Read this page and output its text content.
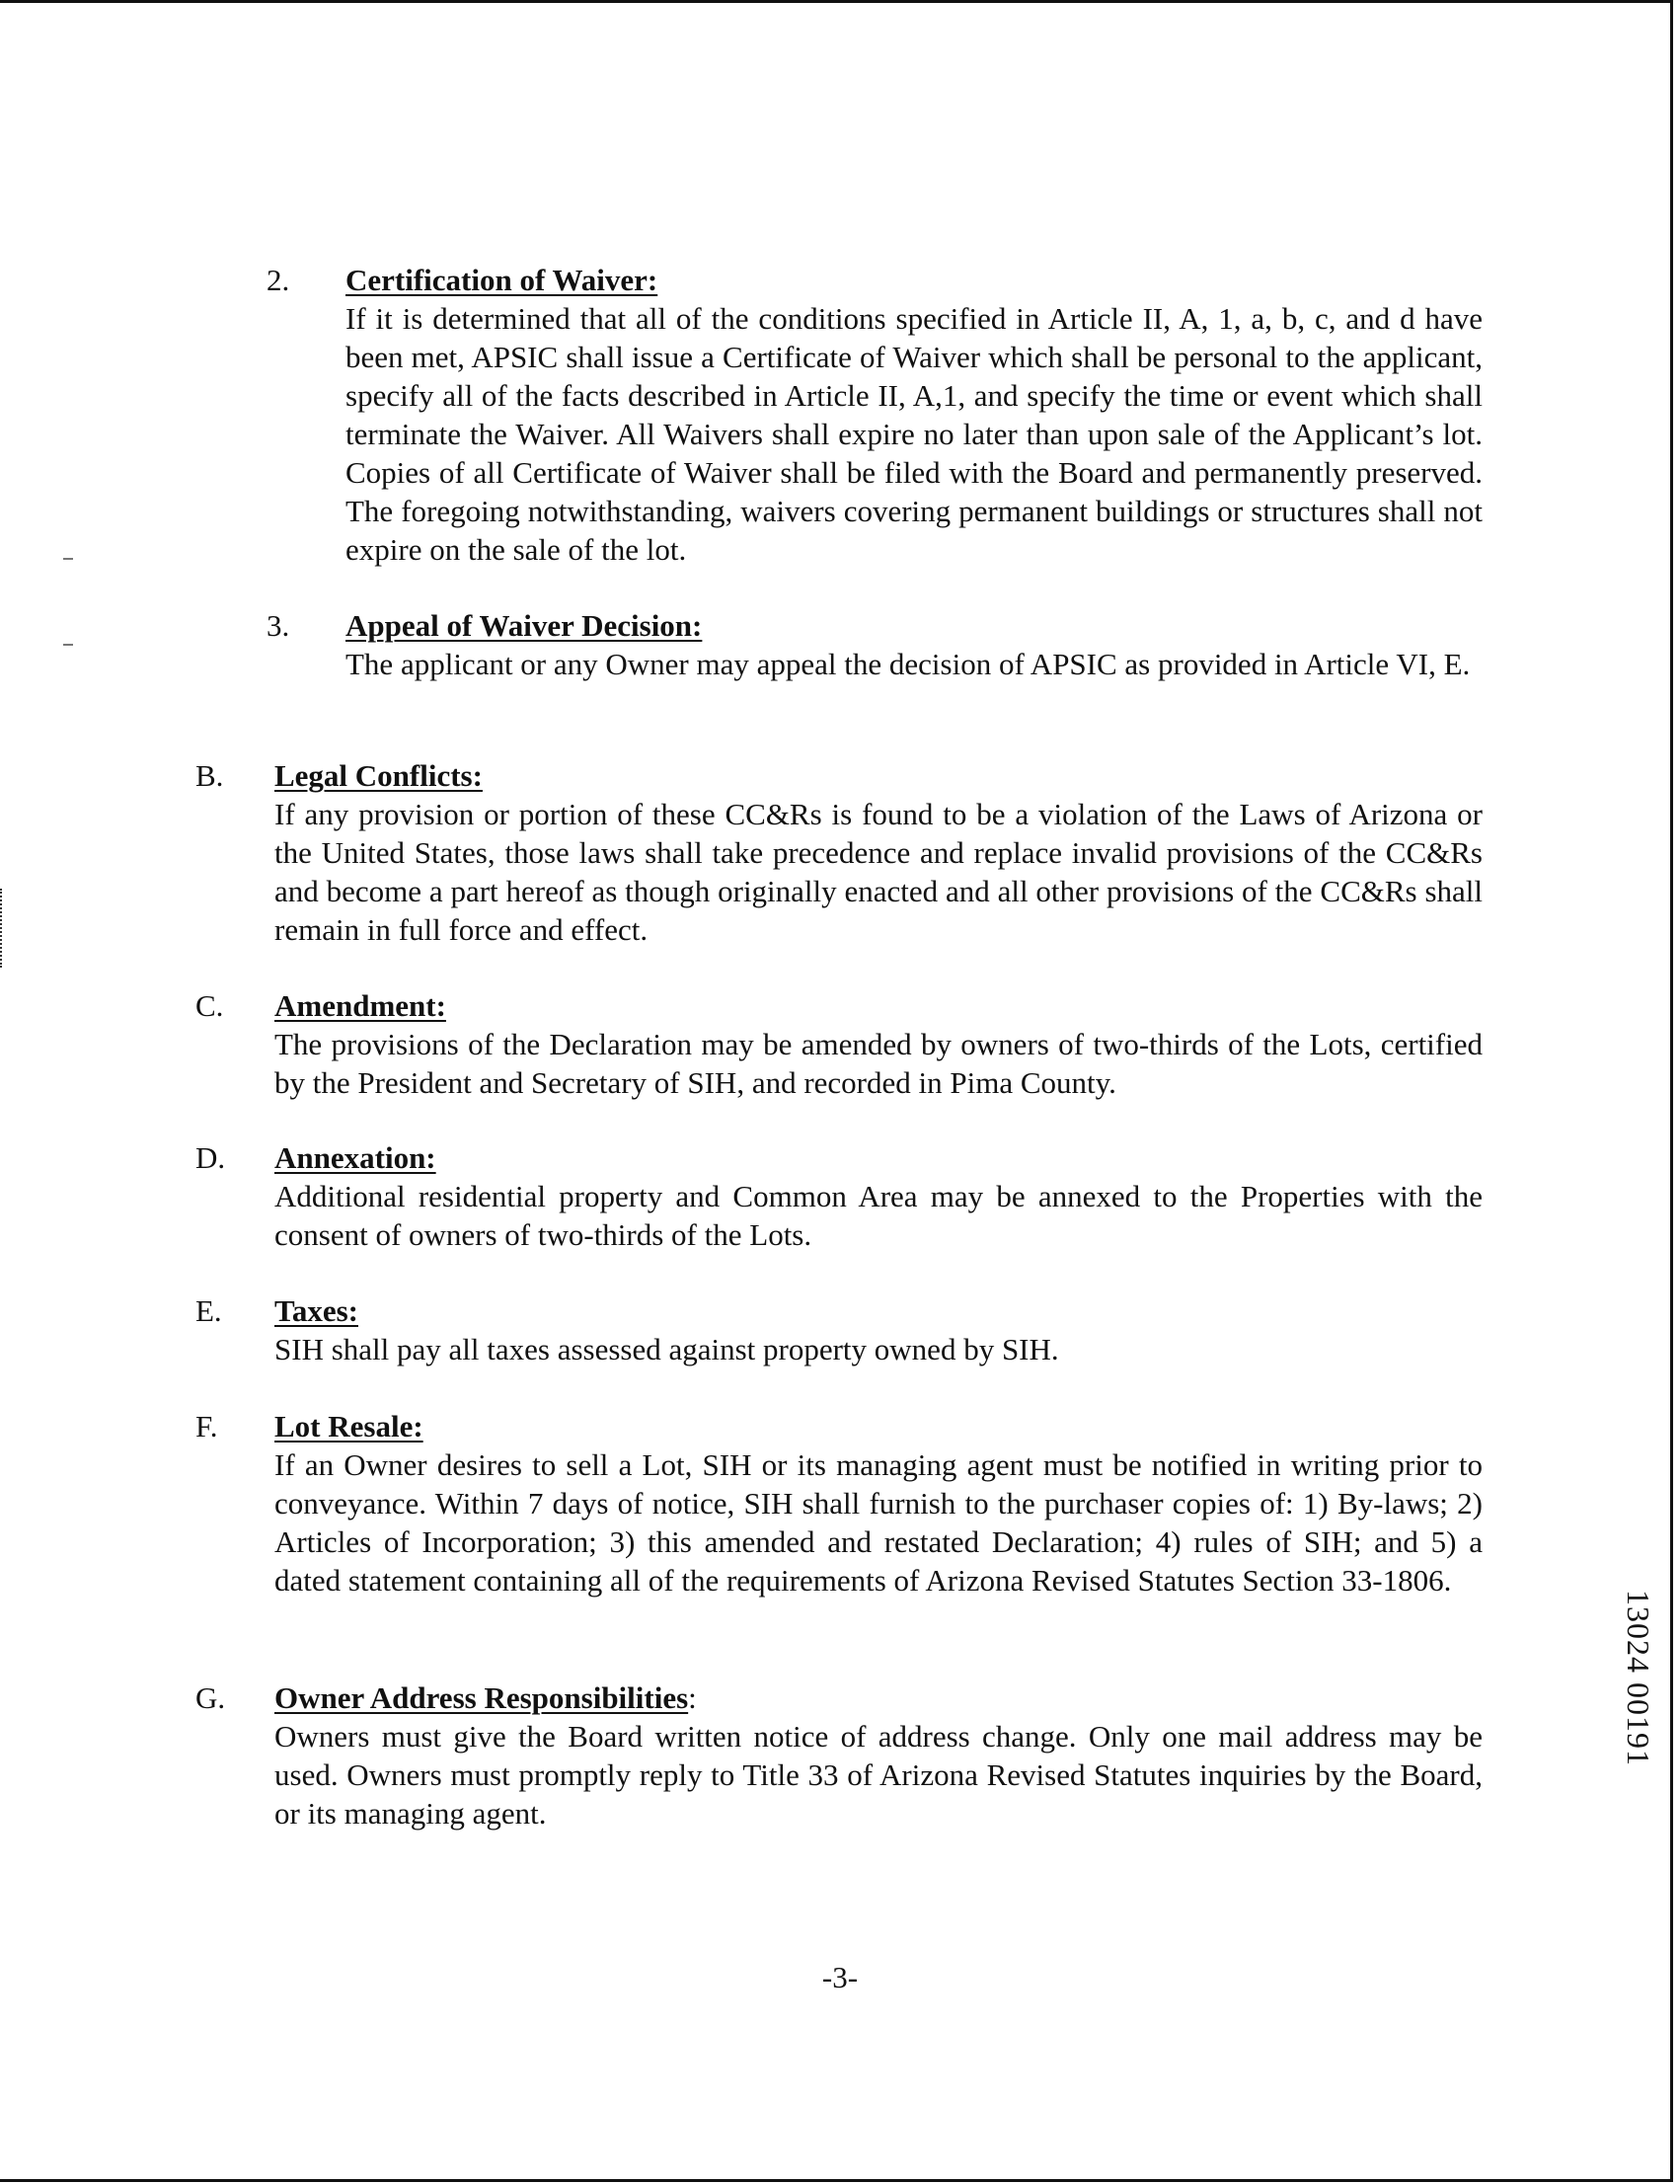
2. Certification of Waiver:
If it is determined that all of the conditions specified in Article II, A, 1, a, b, c, and d have been met, APSIC shall issue a Certificate of Waiver which shall be personal to the applicant, specify all of the facts described in Article II, A,1, and specify the time or event which shall terminate the Waiver. All Waivers shall expire no later than upon sale of the Applicant’s lot. Copies of all Certificate of Waiver shall be filed with the Board and permanently preserved. The foregoing notwithstanding, waivers covering permanent buildings or structures shall not expire on the sale of the lot.
3. Appeal of Waiver Decision:
The applicant or any Owner may appeal the decision of APSIC as provided in Article VI, E.
B. Legal Conflicts:
If any provision or portion of these CC&Rs is found to be a violation of the Laws of Arizona or the United States, those laws shall take precedence and replace invalid provisions of the CC&Rs and become a part hereof as though originally enacted and all other provisions of the CC&Rs shall remain in full force and effect.
C. Amendment:
The provisions of the Declaration may be amended by owners of two-thirds of the Lots, certified by the President and Secretary of SIH, and recorded in Pima County.
D. Annexation:
Additional residential property and Common Area may be annexed to the Properties with the consent of owners of two-thirds of the Lots.
E. Taxes:
SIH shall pay all taxes assessed against property owned by SIH.
F. Lot Resale:
If an Owner desires to sell a Lot, SIH or its managing agent must be notified in writing prior to conveyance. Within 7 days of notice, SIH shall furnish to the purchaser copies of: 1) By-laws; 2) Articles of Incorporation; 3) this amended and restated Declaration; 4) rules of SIH; and 5) a dated statement containing all of the requirements of Arizona Revised Statutes Section 33-1806.
G. Owner Address Responsibilities:
Owners must give the Board written notice of address change. Only one mail address may be used. Owners must promptly reply to Title 33 of Arizona Revised Statutes inquiries by the Board, or its managing agent.
-3-
13024 00191
